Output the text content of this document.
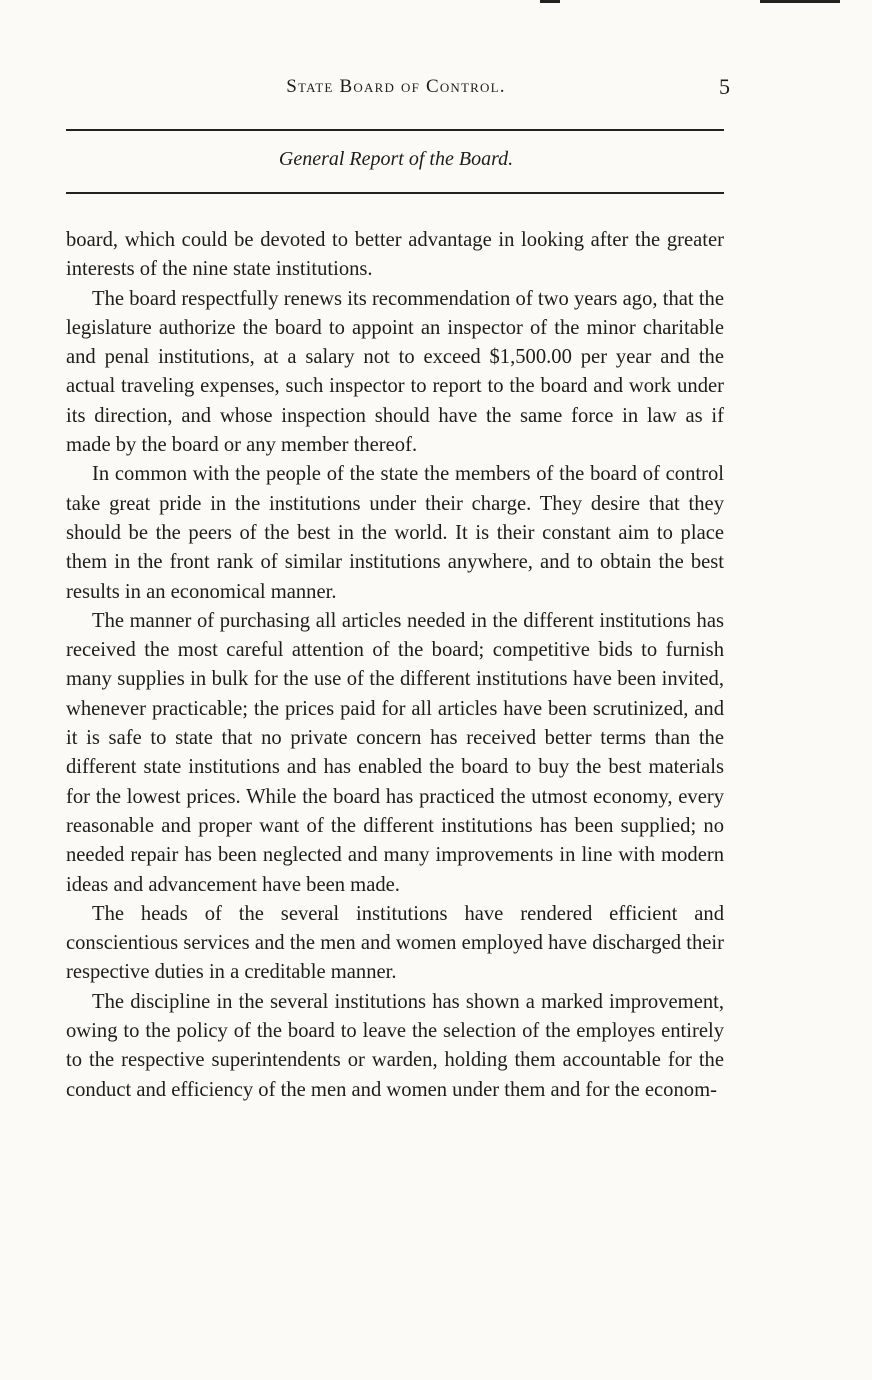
State Board of Control.	5
General Report of the Board.

board, which could be devoted to better advantage in looking after the greater interests of the nine state institutions.

The board respectfully renews its recommendation of two years ago, that the legislature authorize the board to appoint an inspector of the minor charitable and penal institutions, at a salary not to exceed $1,500.00 per year and the actual traveling expenses, such inspector to report to the board and work under its direction, and whose inspection should have the same force in law as if made by the board or any member thereof.

In common with the people of the state the members of the board of control take great pride in the institutions under their charge. They desire that they should be the peers of the best in the world. It is their constant aim to place them in the front rank of similar institutions anywhere, and to obtain the best results in an economical manner.

The manner of purchasing all articles needed in the different institutions has received the most careful attention of the board; competitive bids to furnish many supplies in bulk for the use of the different institutions have been invited, whenever practicable; the prices paid for all articles have been scrutinized, and it is safe to state that no private concern has received better terms than the different state institutions and has enabled the board to buy the best materials for the lowest prices. While the board has practiced the utmost economy, every reasonable and proper want of the different institutions has been supplied; no needed repair has been neglected and many improvements in line with modern ideas and advancement have been made.

The heads of the several institutions have rendered efficient and conscientious services and the men and women employed have discharged their respective duties in a creditable manner.

The discipline in the several institutions has shown a marked improvement, owing to the policy of the board to leave the selection of the employes entirely to the respective superintendents or warden, holding them accountable for the conduct and efficiency of the men and women under them and for the econom-
